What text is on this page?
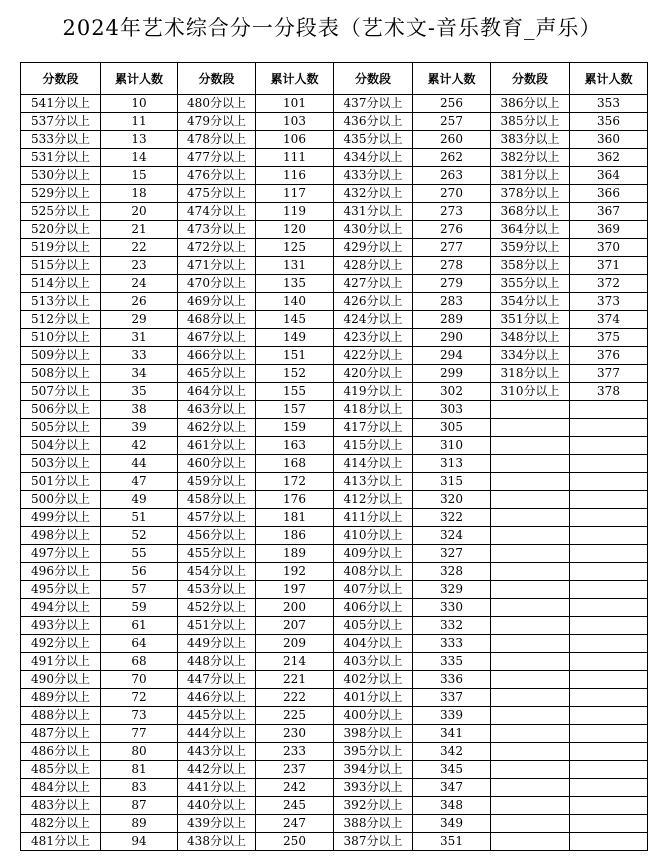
2024年艺术综合分一分段表（艺术文-音乐教育_声乐）
分数段	累计人数	分数段	累计人数	分数段	累计人数	分数段	累计人数
541分以上	10	480分以上	101	437分以上	256	386分以上	353
537分以上	11	479分以上	103	436分以上	257	385分以上	356
533分以上	13	478分以上	106	435分以上	260	383分以上	360
531分以上	14	477分以上	111	434分以上	262	382分以上	362
530分以上	15	476分以上	116	433分以上	263	381分以上	364
529分以上	18	475分以上	117	432分以上	270	378分以上	366
525分以上	20	474分以上	119	431分以上	273	368分以上	367
520分以上	21	473分以上	120	430分以上	276	364分以上	369
519分以上	22	472分以上	125	429分以上	277	359分以上	370
515分以上	23	471分以上	131	428分以上	278	358分以上	371
514分以上	24	470分以上	135	427分以上	279	355分以上	372
513分以上	26	469分以上	140	426分以上	283	354分以上	373
512分以上	29	468分以上	145	424分以上	289	351分以上	374
510分以上	31	467分以上	149	423分以上	290	348分以上	375
509分以上	33	466分以上	151	422分以上	294	334分以上	376
508分以上	34	465分以上	152	420分以上	299	318分以上	377
507分以上	35	464分以上	155	419分以上	302	310分以上	378
506分以上	38	463分以上	157	418分以上	303		
505分以上	39	462分以上	159	417分以上	305		
504分以上	42	461分以上	163	415分以上	310		
503分以上	44	460分以上	168	414分以上	313		
501分以上	47	459分以上	172	413分以上	315		
500分以上	49	458分以上	176	412分以上	320		
499分以上	51	457分以上	181	411分以上	322		
498分以上	52	456分以上	186	410分以上	324		
497分以上	55	455分以上	189	409分以上	327		
496分以上	56	454分以上	192	408分以上	328		
495分以上	57	453分以上	197	407分以上	329		
494分以上	59	452分以上	200	406分以上	330		
493分以上	61	451分以上	207	405分以上	332		
492分以上	64	449分以上	209	404分以上	333		
491分以上	68	448分以上	214	403分以上	335		
490分以上	70	447分以上	221	402分以上	336		
489分以上	72	446分以上	222	401分以上	337		
488分以上	73	445分以上	225	400分以上	339		
487分以上	77	444分以上	230	398分以上	341		
486分以上	80	443分以上	233	395分以上	342		
485分以上	81	442分以上	237	394分以上	345		
484分以上	83	441分以上	242	393分以上	347		
483分以上	87	440分以上	245	392分以上	348		
482分以上	89	439分以上	247	388分以上	349		
481分以上	94	438分以上	250	387分以上	351		
